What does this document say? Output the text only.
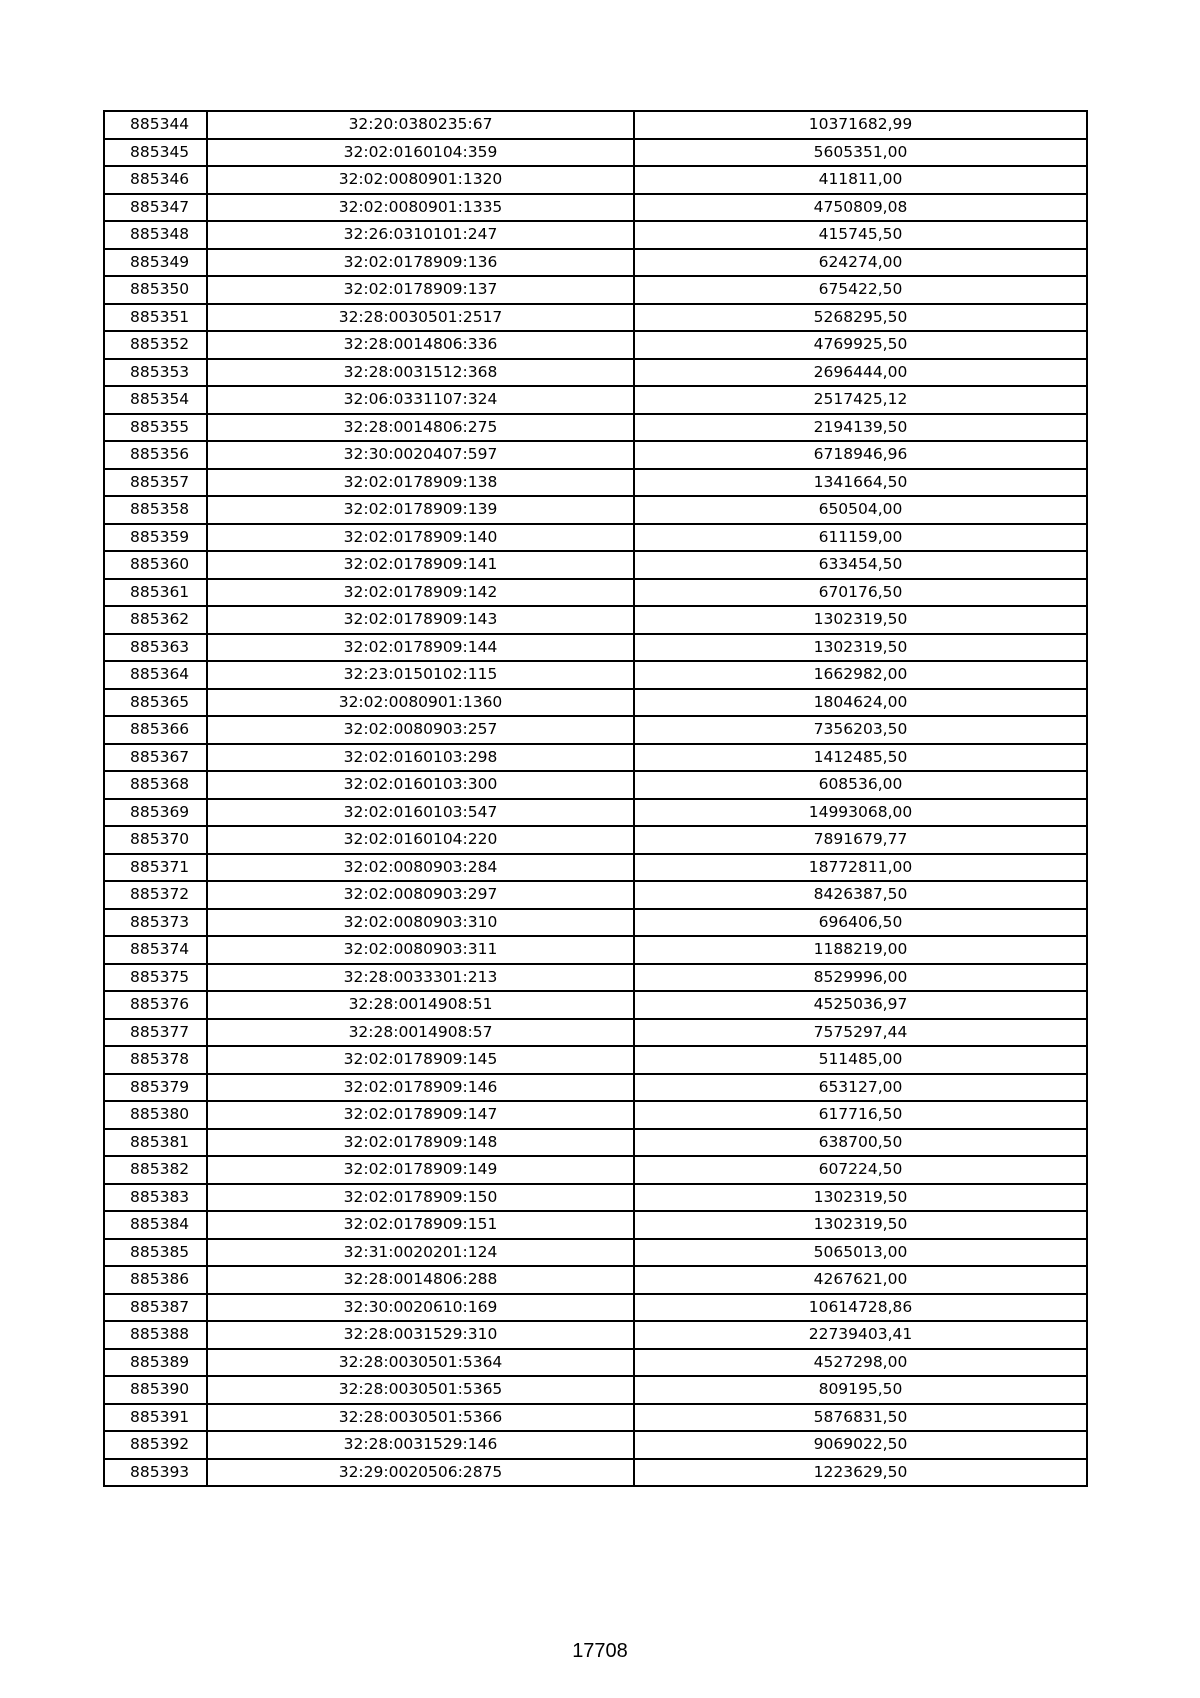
885344	32:20:0380235:67	10371682,99
885345	32:02:0160104:359	5605351,00
885346	32:02:0080901:1320	411811,00
885347	32:02:0080901:1335	4750809,08
885348	32:26:0310101:247	415745,50
885349	32:02:0178909:136	624274,00
885350	32:02:0178909:137	675422,50
885351	32:28:0030501:2517	5268295,50
885352	32:28:0014806:336	4769925,50
885353	32:28:0031512:368	2696444,00
885354	32:06:0331107:324	2517425,12
885355	32:28:0014806:275	2194139,50
885356	32:30:0020407:597	6718946,96
885357	32:02:0178909:138	1341664,50
885358	32:02:0178909:139	650504,00
885359	32:02:0178909:140	611159,00
885360	32:02:0178909:141	633454,50
885361	32:02:0178909:142	670176,50
885362	32:02:0178909:143	1302319,50
885363	32:02:0178909:144	1302319,50
885364	32:23:0150102:115	1662982,00
885365	32:02:0080901:1360	1804624,00
885366	32:02:0080903:257	7356203,50
885367	32:02:0160103:298	1412485,50
885368	32:02:0160103:300	608536,00
885369	32:02:0160103:547	14993068,00
885370	32:02:0160104:220	7891679,77
885371	32:02:0080903:284	18772811,00
885372	32:02:0080903:297	8426387,50
885373	32:02:0080903:310	696406,50
885374	32:02:0080903:311	1188219,00
885375	32:28:0033301:213	8529996,00
885376	32:28:0014908:51	4525036,97
885377	32:28:0014908:57	7575297,44
885378	32:02:0178909:145	511485,00
885379	32:02:0178909:146	653127,00
885380	32:02:0178909:147	617716,50
885381	32:02:0178909:148	638700,50
885382	32:02:0178909:149	607224,50
885383	32:02:0178909:150	1302319,50
885384	32:02:0178909:151	1302319,50
885385	32:31:0020201:124	5065013,00
885386	32:28:0014806:288	4267621,00
885387	32:30:0020610:169	10614728,86
885388	32:28:0031529:310	22739403,41
885389	32:28:0030501:5364	4527298,00
885390	32:28:0030501:5365	809195,50
885391	32:28:0030501:5366	5876831,50
885392	32:28:0031529:146	9069022,50
885393	32:29:0020506:2875	1223629,50
17708
